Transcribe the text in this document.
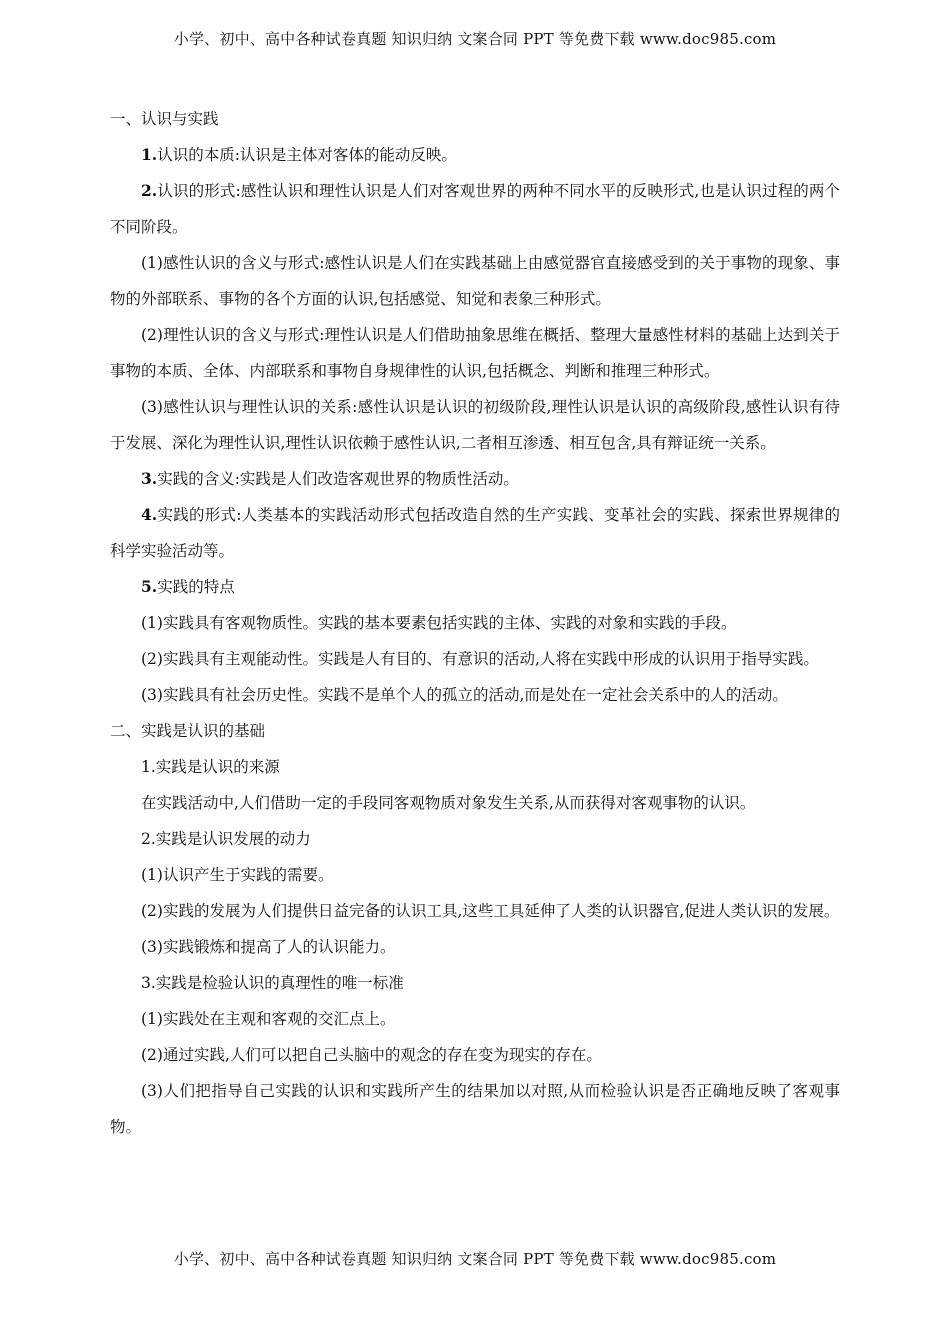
小学、初中、高中各种试卷真题 知识归纳 文案合同 PPT 等免费下载 www.doc985.com

一、认识与实践

1.认识的本质:认识是主体对客体的能动反映。

2.认识的形式:感性认识和理性认识是人们对客观世界的两种不同水平的反映形式,也是认识过程的两个不同阶段。

(1)感性认识的含义与形式:感性认识是人们在实践基础上由感觉器官直接感受到的关于事物的现象、事物的外部联系、事物的各个方面的认识,包括感觉、知觉和表象三种形式。

(2)理性认识的含义与形式:理性认识是人们借助抽象思维在概括、整理大量感性材料的基础上达到关于事物的本质、全体、内部联系和事物自身规律性的认识,包括概念、判断和推理三种形式。

(3)感性认识与理性认识的关系:感性认识是认识的初级阶段,理性认识是认识的高级阶段,感性认识有待于发展、深化为理性认识,理性认识依赖于感性认识,二者相互渗透、相互包含,具有辩证统一关系。

3.实践的含义:实践是人们改造客观世界的物质性活动。

4.实践的形式:人类基本的实践活动形式包括改造自然的生产实践、变革社会的实践、探索世界规律的科学实验活动等。

5.实践的特点

(1)实践具有客观物质性。实践的基本要素包括实践的主体、实践的对象和实践的手段。

(2)实践具有主观能动性。实践是人有目的、有意识的活动,人将在实践中形成的认识用于指导实践。

(3)实践具有社会历史性。实践不是单个人的孤立的活动,而是处在一定社会关系中的人的活动。

二、实践是认识的基础

1.实践是认识的来源

在实践活动中,人们借助一定的手段同客观物质对象发生关系,从而获得对客观事物的认识。

2.实践是认识发展的动力

(1)认识产生于实践的需要。

(2)实践的发展为人们提供日益完备的认识工具,这些工具延伸了人类的认识器官,促进人类认识的发展。

(3)实践锻炼和提高了人的认识能力。

3.实践是检验认识的真理性的唯一标准

(1)实践处在主观和客观的交汇点上。

(2)通过实践,人们可以把自己头脑中的观念的存在变为现实的存在。

(3)人们把指导自己实践的认识和实践所产生的结果加以对照,从而检验认识是否正确地反映了客观事物。

小学、初中、高中各种试卷真题 知识归纳 文案合同 PPT 等免费下载 www.doc985.com
